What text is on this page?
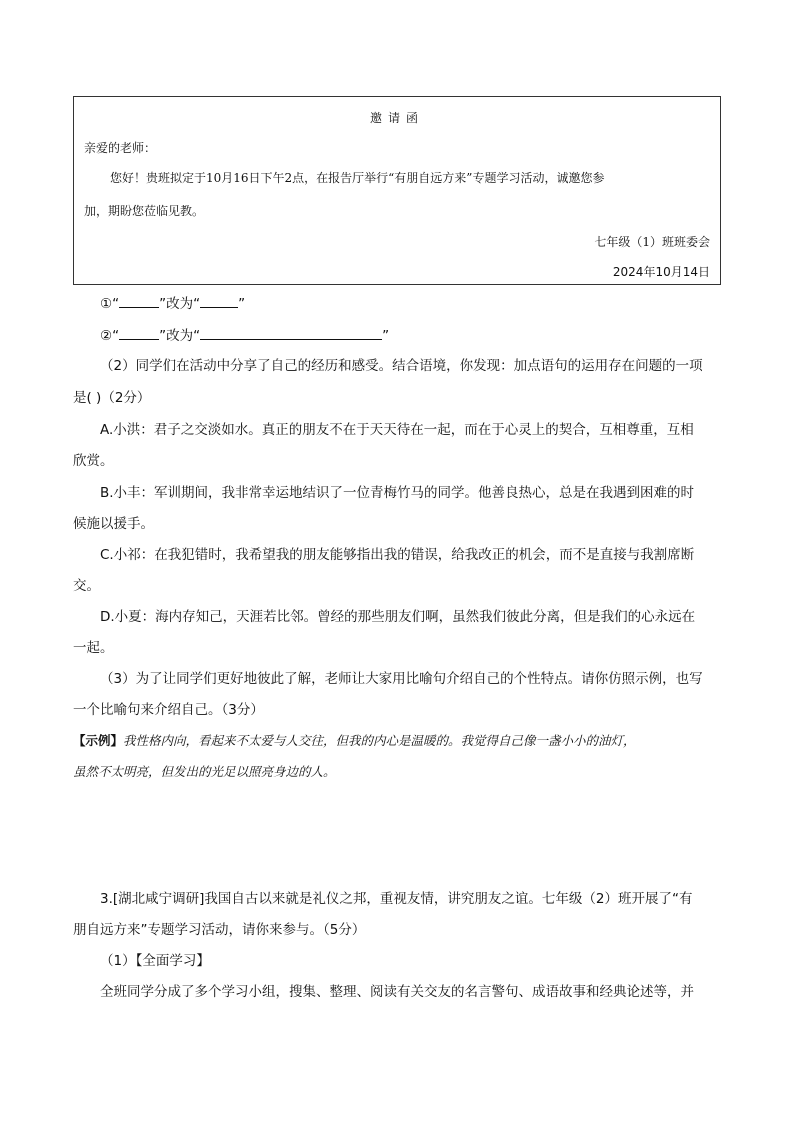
邀请函
亲爱的老师：
您好！贵班拟定于10月16日下午2点，在报告厅举行“有朋自远方来”专题学习活动，诚邀您参
加，期盼您莅临见教。
七年级（1）班班委会
2024年10月14日
①“	”改为“	”
②“	”改为“	”
（2）同学们在活动中分享了自己的经历和感受。结合语境，你发现：加点语句的运用存在问题的一项
是( )（2分）
A.小洪：君子之交淡如水。真正的朋友不在于天天待在一起，而在于心灵上的契合，互相尊重，互相
欣赏。
B.小丰：军训期间，我非常幸运地结识了一位青梅竹马的同学。他善良热心，总是在我遇到困难的时
候施以援手。
C.小祁：在我犯错时，我希望我的朋友能够指出我的错误，给我改正的机会，而不是直接与我割席断
交。
D.小夏：海内存知己，天涯若比邻。曾经的那些朋友们啊，虽然我们彼此分离，但是我们的心永远在
一起。
（3）为了让同学们更好地彼此了解，老师让大家用比喻句介绍自己的个性特点。请你仿照示例，也写
一个比喻句来介绍自己。（3分）
【示例】我性格内向，看起来不太爱与人交往，但我的内心是温暖的。我觉得自己像一盏小小的油灯，
虽然不太明亮，但发出的光足以照亮身边的人。
3.[湖北咸宁调研]我国自古以来就是礼仪之邦，重视友情，讲究朋友之谊。七年级（2）班开展了“有
朋自远方来”专题学习活动，请你来参与。（5分）
（1）【全面学习】
全班同学分成了多个学习小组，搜集、整理、阅读有关交友的名言警句、成语故事和经典论述等，并
